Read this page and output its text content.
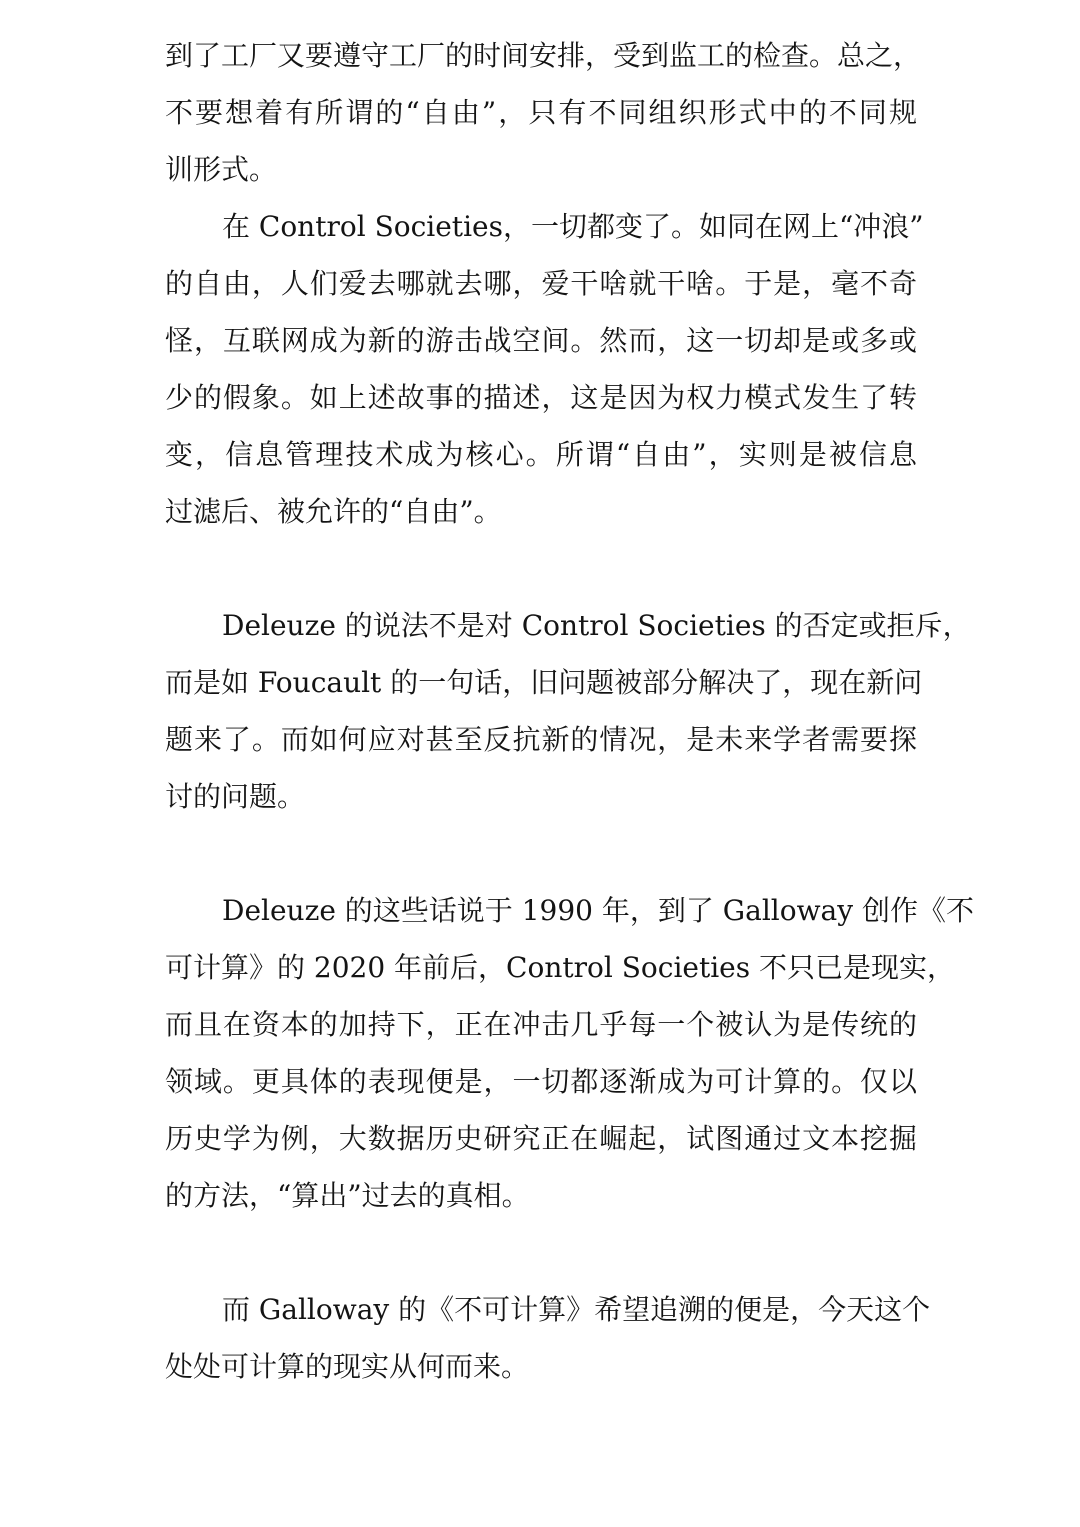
到了工厂又要遵守工厂的时间安排，受到监工的检查。总之，
不要想着有所谓的“自由”，只有不同组织形式中的不同规
训形式。
在 Control Societies，一切都变了。如同在网上“冲浪”
的自由，人们爱去哪就去哪，爱干啥就干啥。于是，毫不奇
怪，互联网成为新的游击战空间。然而，这一切却是或多或
少的假象。如上述故事的描述，这是因为权力模式发生了转
变，信息管理技术成为核心。所谓“自由”，实则是被信息
过滤后、被允许的“自由”。
Deleuze 的说法不是对 Control Societies 的否定或拒斥，
而是如 Foucault 的一句话，旧问题被部分解决了，现在新问
题来了。而如何应对甚至反抗新的情况，是未来学者需要探
讨的问题。
Deleuze 的这些话说于 1990 年，到了 Galloway 创作《不
可计算》的 2020 年前后，Control Societies 不只已是现实，
而且在资本的加持下，正在冲击几乎每一个被认为是传统的
领域。更具体的表现便是，一切都逐渐成为可计算的。仅以
历史学为例，大数据历史研究正在崛起，试图通过文本挖掘
的方法，“算出”过去的真相。
而 Galloway 的《不可计算》希望追溯的便是，今天这个
处处可计算的现实从何而来。
